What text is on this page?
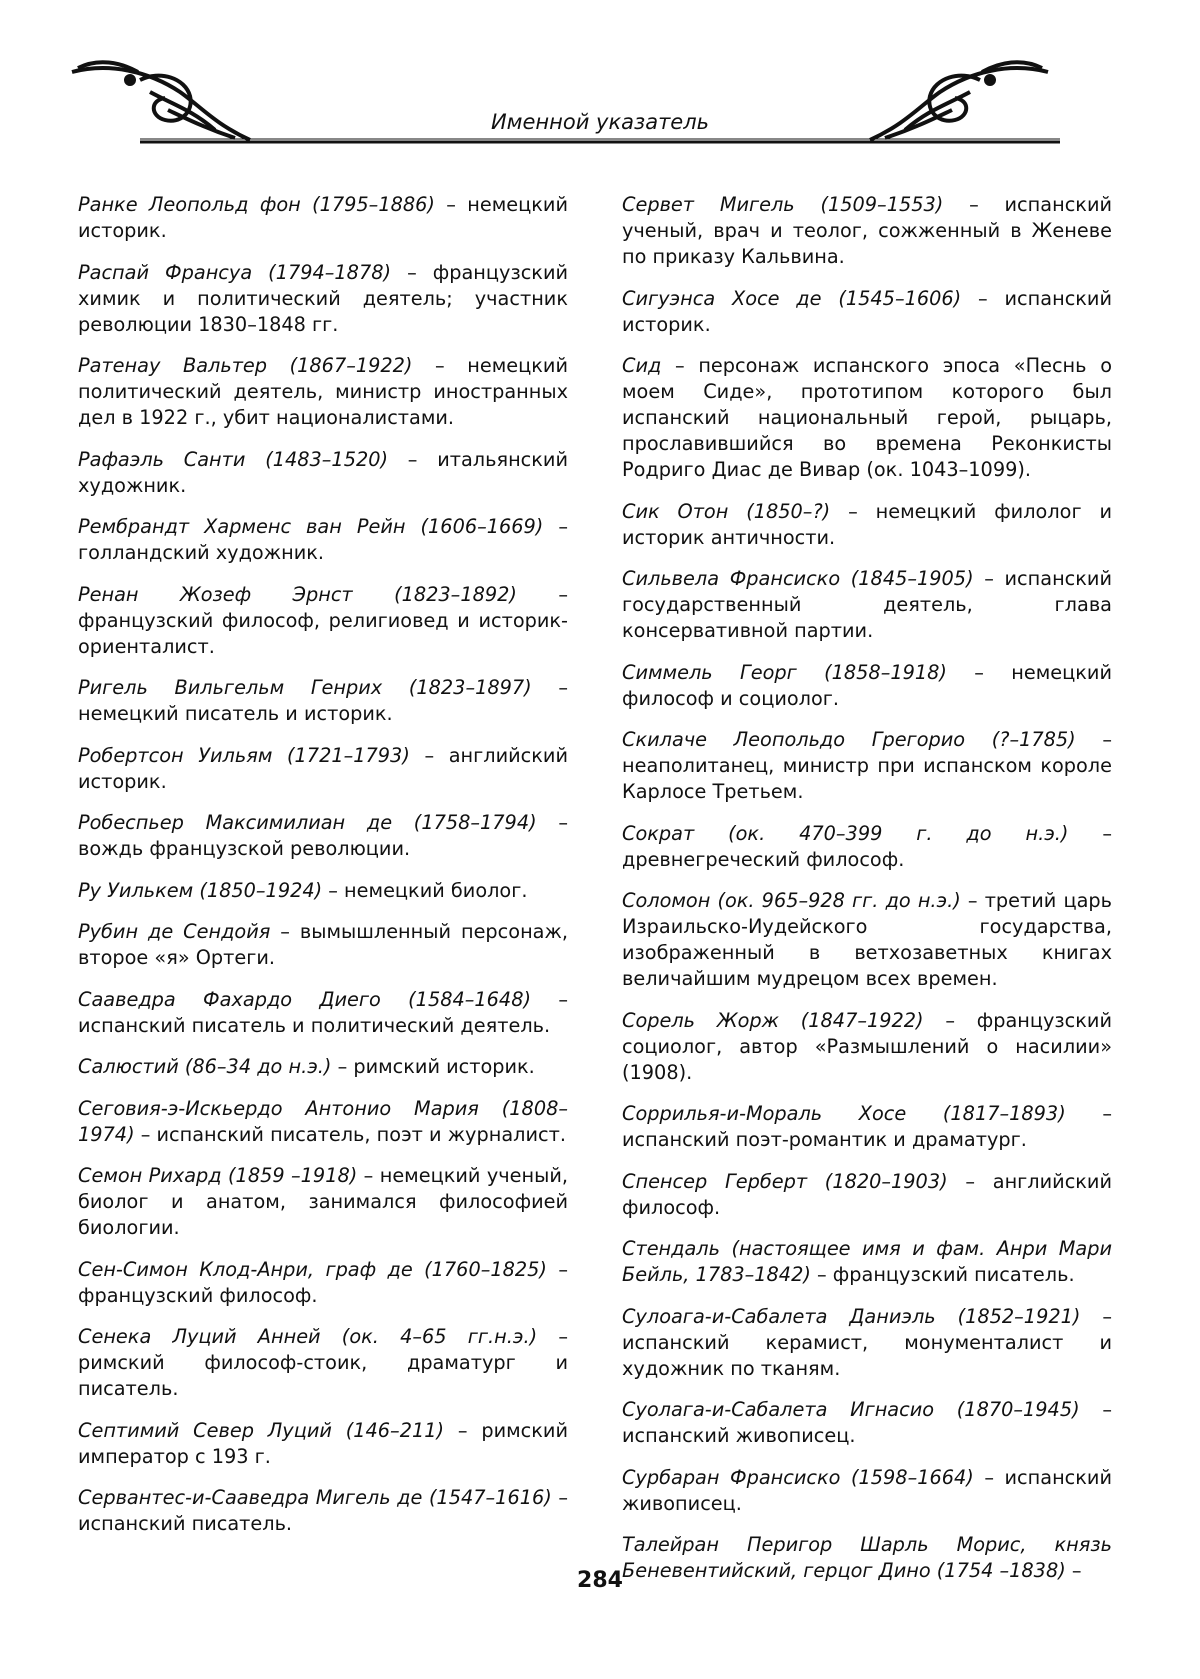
Именной указатель

Ранке Леопольд фон (1795–1886) – немецкий историк.

Распай Франсуа (1794–1878) – французский химик и политический деятель; участник революции 1830–1848 гг.

Ратенау Вальтер (1867–1922) – немецкий политический деятель, министр иностранных дел в 1922 г., убит националистами.

Рафаэль Санти (1483–1520) – итальянский художник.

Рембрандт Харменс ван Рейн (1606–1669) – голландский художник.

Ренан Жозеф Эрнст (1823–1892) – французский философ, религиовед и историк-ориенталист.

Ригель Вильгельм Генрих (1823–1897) – немецкий писатель и историк.

Робертсон Уильям (1721–1793) – английский историк.

Робеспьер Максимилиан де (1758–1794) – вождь французской революции.

Ру Уилькем (1850–1924) – немецкий биолог.

Рубин де Сендойя – вымышленный персонаж, второе «я» Ортеги.

Сааведра Фахардо Диего (1584–1648) – испанский писатель и политический деятель.

Салюстий (86–34 до н.э.) – римский историк.

Сеговия-э-Искьердо Антонио Мария (1808–1974) – испанский писатель, поэт и журналист.

Семон Рихард (1859 –1918) – немецкий ученый, биолог и анатом, занимался философией биологии.

Сен-Симон Клод-Анри, граф де (1760–1825) – французский философ.

Сенека Луций Анней (ок. 4–65 гг.н.э.) – римский философ-стоик, драматург и писатель.

Септимий Север Луций (146–211) – римский император с 193 г.

Сервантес-и-Сааведра Мигель де (1547–1616) – испанский писатель.

Сервет Мигель (1509–1553) – испанский ученый, врач и теолог, сожженный в Женеве по приказу Кальвина.

Сигуэнса Хосе де (1545–1606) – испанский историк.

Сид – персонаж испанского эпоса «Песнь о моем Сиде», прототипом которого был испанский национальный герой, рыцарь, прославившийся во времена Реконкисты Родриго Диас де Вивар (ок. 1043–1099).

Сик Отон (1850–?) – немецкий филолог и историк античности.

Сильвела Франсиско (1845–1905) – испанский государственный деятель, глава консервативной партии.

Симмель Георг (1858–1918) – немецкий философ и социолог.

Скилаче Леопольдо Грегорио (?–1785) – неаполитанец, министр при испанском короле Карлосе Третьем.

Сократ (ок. 470–399 г. до н.э.) – древнегреческий философ.

Соломон (ок. 965–928 гг. до н.э.) – третий царь Израильско-Иудейского государства, изображенный в ветхозаветных книгах величайшим мудрецом всех времен.

Сорель Жорж (1847–1922) – французский социолог, автор «Размышлений о насилии» (1908).

Соррилья-и-Мораль Хосе (1817–1893) – испанский поэт-романтик и драматург.

Спенсер Герберт (1820–1903) – английский философ.

Стендаль (настоящее имя и фам. Анри Мари Бейль, 1783–1842) – французский писатель.

Сулоага-и-Сабалета Даниэль (1852–1921) – испанский керамист, монументалист и художник по тканям.

Суолага-и-Сабалета Игнасио (1870–1945) – испанский живописец.

Сурбаран Франсиско (1598–1664) – испанский живописец.

Талейран Перигор Шарль Морис, князь Беневентийский, герцог Дино (1754 –1838) –

284
